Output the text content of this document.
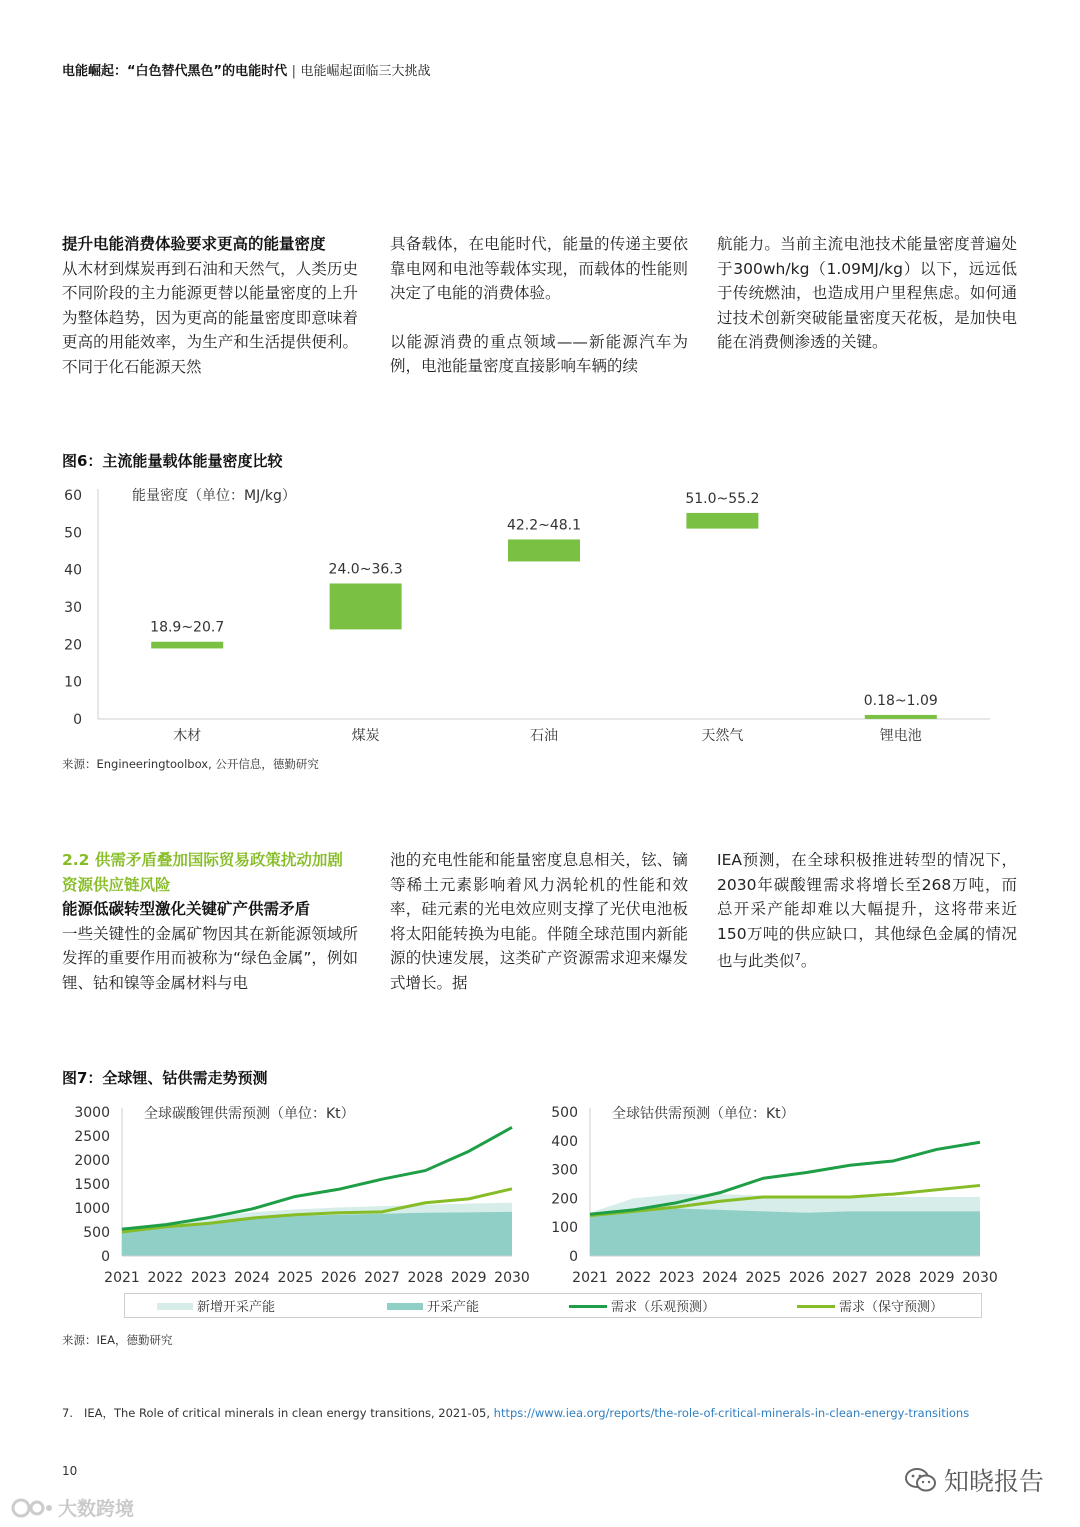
电能崛起：“白色替代黑色”的电能时代 | 电能崛起面临三大挑战

提升电能消费体验要求更高的能量密度

从木材到煤炭再到石油和天然气，人类历史不同阶段的主力能源更替以能量密度的上升为整体趋势，因为更高的能量密度即意味着更高的用能效率，为生产和生活提供便利。不同于化石能源天然

具备载体，在电能时代，能量的传递主要依靠电网和电池等载体实现，而载体的性能则决定了电能的消费体验。

以能源消费的重点领域——新能源汽车为例，电池能量密度直接影响车辆的续

航能力。当前主流电池技术能量密度普遍处于300wh/kg（1.09MJ/kg）以下，远远低于传统燃油，也造成用户里程焦虑。如何通过技术创新突破能量密度天花板，是加快电能在消费侧渗透的关键。

图6：主流能量载体能量密度比较
0
10
20
30
40
50
60	能量密度（单位：MJ/kg）
18.9~20.7
木材
24.0~36.3
煤炭
42.2~48.1
石油
51.0~55.2
天然气
0.18~1.09
锂电池
来源：Engineeringtoolbox, 公开信息，德勤研究

2.2 供需矛盾叠加国际贸易政策扰动加剧资源供应链风险

能源低碳转型激化关键矿产供需矛盾

一些关键性的金属矿物因其在新能源领域所发挥的重要作用而被称为“绿色金属”，例如锂、钴和镍等金属材料与电

池的充电性能和能量密度息息相关，铉、镝等稀土元素影响着风力涡轮机的性能和效率，硅元素的光电效应则支撑了光伏电池板将太阳能转换为电能。伴随全球范围内新能源的快速发展，这类矿产资源需求迎来爆发式增长。据

IEA预测，在全球积极推进转型的情况下，2030年碳酸锂需求将增长至268万吨，而总开采产能却难以大幅提升，这将带来近150万吨的供应缺口，其他绿色金属的情况也与此类似$^7$。

图7：全球锂、钴供需走势预测
0
500
1000
1500
2000
2500
3000
2021 2022 2023 2024 2025 2026 2027 2028 2029 2030
全球碳酸锂供需预测（单位：Kt）
0
100
200
300
400
500
2021 2022 2023 2024 2025 2026 2027 2028 2029 2030
全球钴供需预测（单位：Kt）
新增开采产能	开采产能	需求（乐观预测）	需求（保守预测）
来源：IEA，德勤研究
7. IEA，The Role of critical minerals in clean energy transitions, 2021-05, https://www.iea.org/reports/the-role-of-critical-minerals-in-clean-energy-transitions
10	知晓报告
大数跨境
